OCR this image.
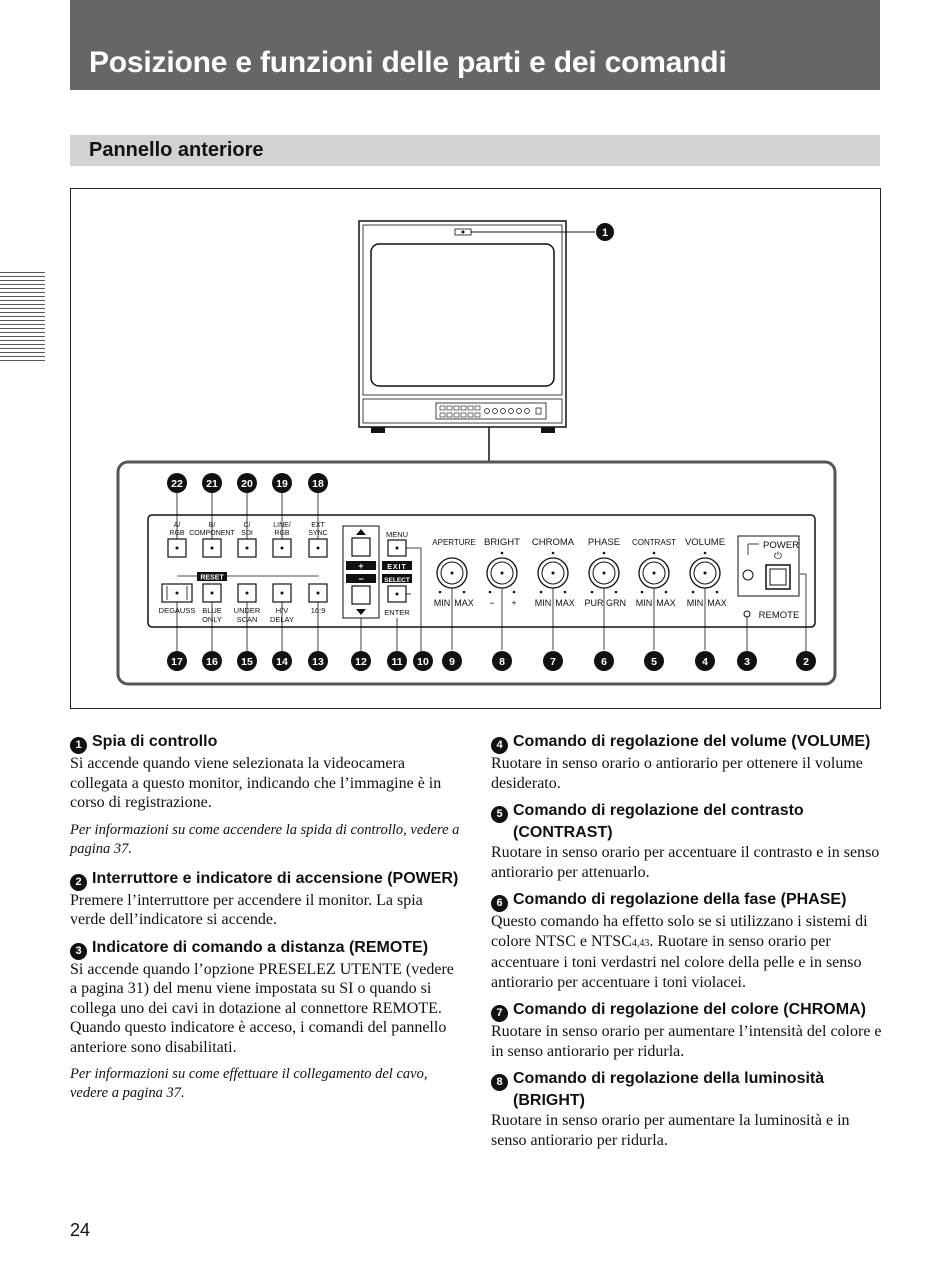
Posizione e funzioni delle parti e dei comandi
Pannello anteriore
1
22 21 20 19 18
17 16 15 14 13	12 11 10 9	8	7	6	5	4	3	2
A/
RGB
B/
COMPONENT
C/
SDI
LINE/
RGB
EXT
SYNC
DEGAUSS BLUE
ONLY
UNDER
SCAN
H/V
DELAY
16:9
APERTURE
MIN MAX
BRIGHT
− +
CHROMA
MIN MAX
PHASE
PUR GRN
CONTRAST
MIN MAX
VOLUME
MIN MAX
RESET
+
−
MENU
EXIT
SELECT
ENTER
POWER
⏻
REMOTE
1 Spia di controllo

Si accende quando viene selezionata la videocamera collegata a questo monitor, indicando che l’immagine è in corso di registrazione.

Per informazioni su come accendere la spida di controllo, vedere a pagina 37.

2 Interruttore e indicatore di accensione (POWER)

Premere l’interruttore per accendere il monitor. La spia verde dell’indicatore si accende.

3 Indicatore di comando a distanza (REMOTE)

Si accende quando l’opzione PRESELEZ UTENTE (vedere a pagina 31) del menu viene impostata su SI o quando si collega uno dei cavi in dotazione al connettore REMOTE. Quando questo indicatore è acceso, i comandi del pannello anteriore sono disabilitati.

Per informazioni su come effettuare il collegamento del cavo, vedere a pagina 37.

4 Comando di regolazione del volume (VOLUME)

Ruotare in senso orario o antiorario per ottenere il volume desiderato.

5 Comando di regolazione del contrasto (CONTRAST)

Ruotare in senso orario per accentuare il contrasto e in senso antiorario per attenuarlo.

6 Comando di regolazione della fase (PHASE)

Questo comando ha effetto solo se si utilizzano i sistemi di colore NTSC e NTSC4,43. Ruotare in senso orario per accentuare i toni verdastri nel colore della pelle e in senso antiorario per accentuare i toni violacei.

7 Comando di regolazione del colore (CHROMA)

Ruotare in senso orario per aumentare l’intensità del colore e in senso antiorario per ridurla.

8 Comando di regolazione della luminosità (BRIGHT)

Ruotare in senso orario per aumentare la luminosità e in senso antiorario per ridurla.

24
